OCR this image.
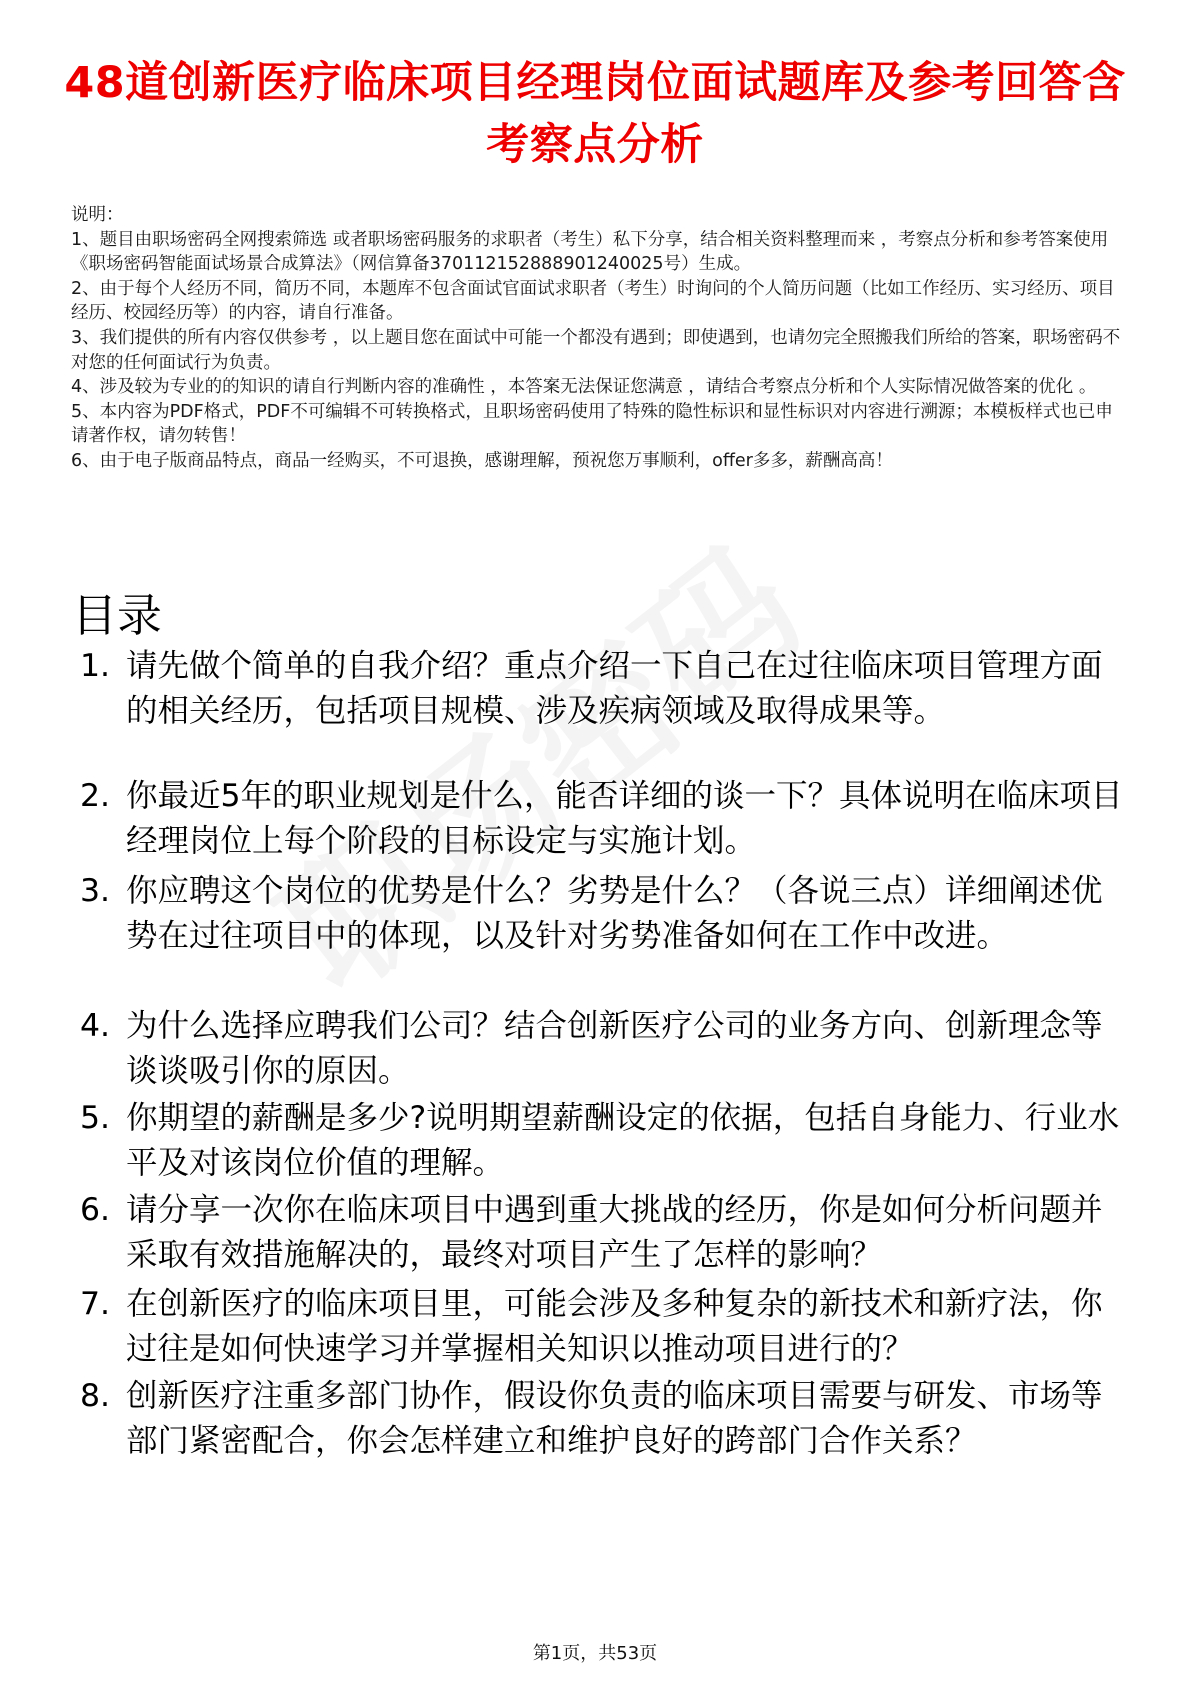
48道创新医疗临床项目经理岗位面试题库及参考回答含考察点分析
说明：
1、题目由职场密码全网搜索筛选 或者职场密码服务的求职者（考生）私下分享，结合相关资料整理而来 ，考察点分析和参考答案使用《职场密码智能面试场景合成算法》（网信算备370112152888901240025号）生成。
2、由于每个人经历不同，简历不同，本题库不包含面试官面试求职者（考生）时询问的个人简历问题（比如工作经历、实习经历、项目经历、校园经历等）的内容，请自行准备。
3、我们提供的所有内容仅供参考 ，以上题目您在面试中可能一个都没有遇到；即使遇到，也请勿完全照搬我们所给的答案，职场密码不对您的任何面试行为负责。
4、涉及较为专业的的知识的请自行判断内容的准确性 ，本答案无法保证您满意 ，请结合考察点分析和个人实际情况做答案的优化 。
5、本内容为PDF格式，PDF不可编辑不可转换格式，且职场密码使用了特殊的隐性标识和显性标识对内容进行溯源；本模板样式也已申请著作权，请勿转售！
6、由于电子版商品特点，商品一经购买，不可退换，感谢理解，预祝您万事顺利，offer多多，薪酬高高！
目录
1. 请先做个简单的自我介绍？重点介绍一下自己在过往临床项目管理方面的相关经历，包括项目规模、涉及疾病领域及取得成果等。
2. 你最近5年的职业规划是什么，能否详细的谈一下？具体说明在临床项目经理岗位上每个阶段的目标设定与实施计划。
3. 你应聘这个岗位的优势是什么？劣势是什么？（各说三点）详细阐述优势在过往项目中的体现，以及针对劣势准备如何在工作中改进。
4. 为什么选择应聘我们公司？结合创新医疗公司的业务方向、创新理念等谈谈吸引你的原因。
5. 你期望的薪酬是多少?说明期望薪酬设定的依据，包括自身能力、行业水平及对该岗位价值的理解。
6. 请分享一次你在临床项目中遇到重大挑战的经历，你是如何分析问题并采取有效措施解决的，最终对项目产生了怎样的影响？
7. 在创新医疗的临床项目里，可能会涉及多种复杂的新技术和新疗法，你过往是如何快速学习并掌握相关知识以推动项目进行的？
8. 创新医疗注重多部门协作，假设你负责的临床项目需要与研发、市场等部门紧密配合，你会怎样建立和维护良好的跨部门合作关系？
第1页，共53页
